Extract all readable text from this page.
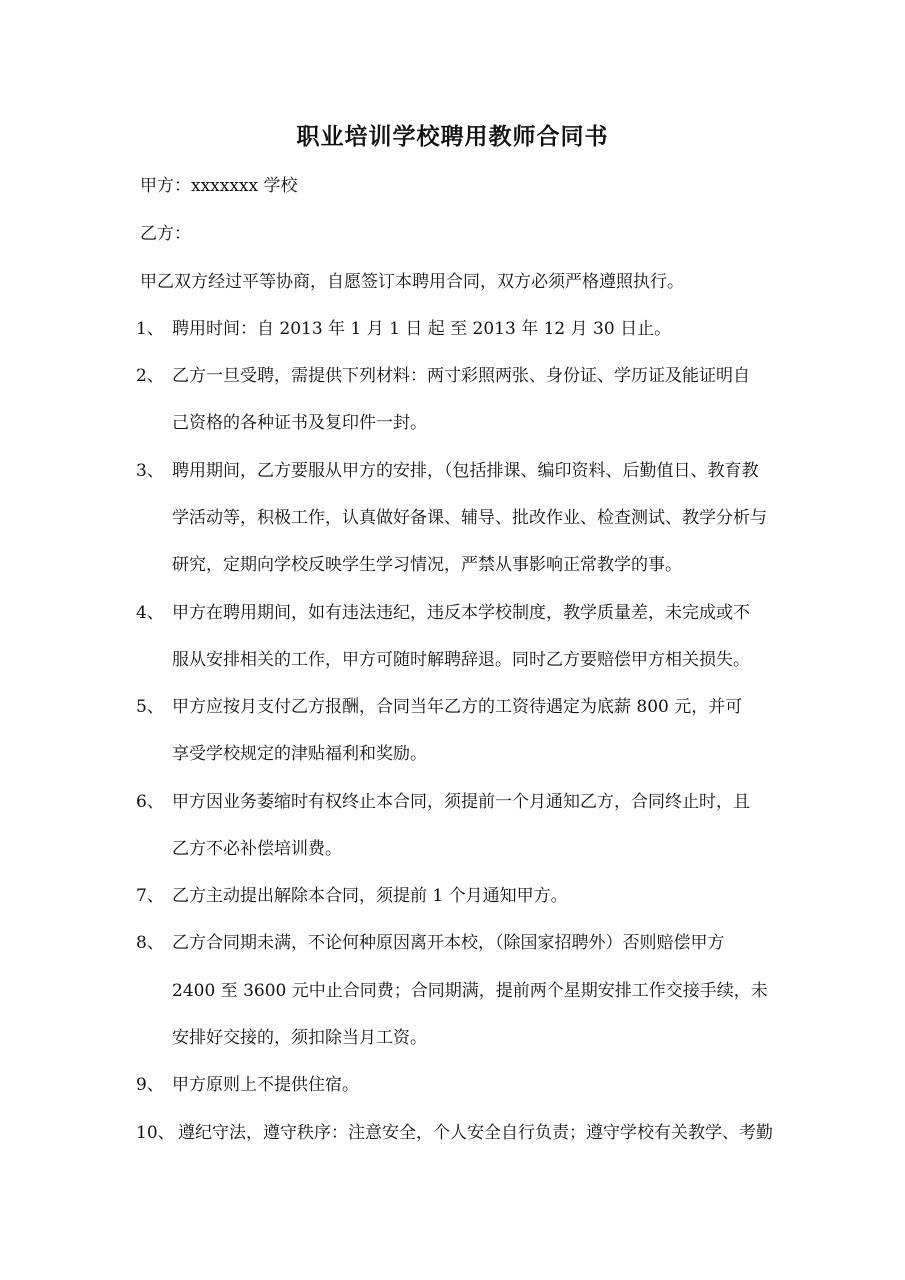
职业培训学校聘用教师合同书
甲方：xxxxxxx 学校
乙方：
甲乙双方经过平等协商，自愿签订本聘用合同，双方必须严格遵照执行。
1、 聘用时间：自 2013 年 1 月 1 日 起 至 2013 年 12 月 30 日止。
2、 乙方一旦受聘，需提供下列材料：两寸彩照两张、身份证、学历证及能证明自
己资格的各种证书及复印件一封。
3、 聘用期间，乙方要服从甲方的安排，（包括排课、编印资料、后勤值日、教育教
学活动等，积极工作，认真做好备课、辅导、批改作业、检查测试、教学分析与
研究，定期向学校反映学生学习情况，严禁从事影响正常教学的事。
4、 甲方在聘用期间，如有违法违纪，违反本学校制度，教学质量差，未完成或不
服从安排相关的工作，甲方可随时解聘辞退。同时乙方要赔偿甲方相关损失。
5、 甲方应按月支付乙方报酬，合同当年乙方的工资待遇定为底薪 800 元，并可
享受学校规定的津贴福利和奖励。
6、 甲方因业务萎缩时有权终止本合同，须提前一个月通知乙方，合同终止时，且
乙方不必补偿培训费。
7、 乙方主动提出解除本合同，须提前 1 个月通知甲方。
8、 乙方合同期未满，不论何种原因离开本校，（除国家招聘外）否则赔偿甲方
2400 至 3600 元中止合同费；合同期满，提前两个星期安排工作交接手续，未
安排好交接的，须扣除当月工资。
9、 甲方原则上不提供住宿。
10、 遵纪守法，遵守秩序：注意安全，个人安全自行负责；遵守学校有关教学、考勤
